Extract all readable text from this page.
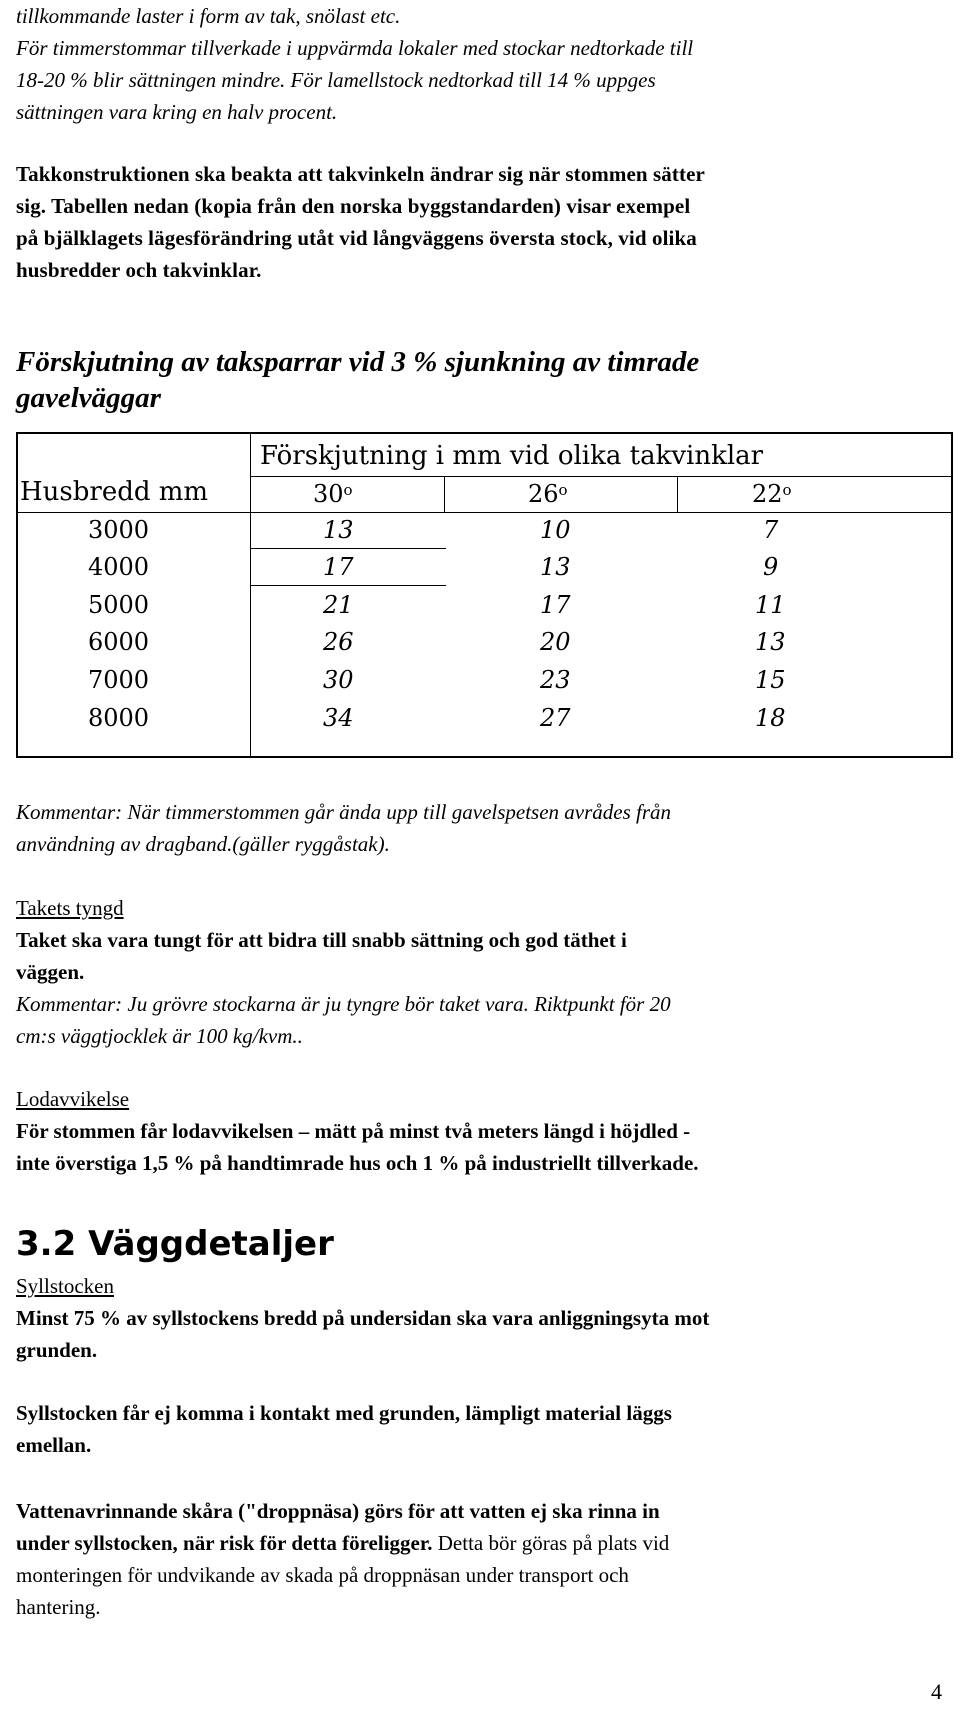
tillkommande laster i form av tak, snölast etc.

För timmerstommar tillverkade i uppvärmda lokaler med stockar nedtorkade till

18-20 % blir sättningen mindre. För lamellstock nedtorkad till 14 % uppges

sättningen vara kring en halv procent.

Takkonstruktionen ska beakta att takvinkeln ändrar sig när stommen sätter

sig. Tabellen nedan (kopia från den norska byggstandarden) visar exempel

på bjälklagets lägesförändring utåt vid långväggens översta stock, vid olika

husbredder och takvinklar.

Förskjutning av taksparrar vid 3 % sjunkning av timrade

gavelväggar

Förskjutning i mm vid olika takvinklar
Husbredd mm	30$^o$	26$^o$	22$^o$
3000	13	10	7
4000	17	13	9
5000	21	17	11
6000	26	20	13
7000	30	23	15
8000	34	27	18

Kommentar: När timmerstommen går ända upp till gavelspetsen avrådes från

användning av dragband.(gäller ryggåstak).

Takets tyngd

Taket ska vara tungt för att bidra till snabb sättning och god täthet i

väggen.

Kommentar: Ju grövre stockarna är ju tyngre bör taket vara. Riktpunkt för 20

cm:s väggtjocklek är 100 kg/kvm..

Lodavvikelse

För stommen får lodavvikelsen – mätt på minst två meters längd i höjdled -

inte överstiga 1,5 % på handtimrade hus och 1 % på industriellt tillverkade.

3.2 Väggdetaljer

Syllstocken

Minst 75 % av syllstockens bredd på undersidan ska vara anliggningsyta mot

grunden.

Syllstocken får ej komma i kontakt med grunden, lämpligt material läggs

emellan.

Vattenavrinnande skåra ("droppnäsa) görs för att vatten ej ska rinna in

under syllstocken, när risk för detta föreligger. Detta bör göras på plats vid

monteringen för undvikande av skada på droppnäsan under transport och

hantering.

4
